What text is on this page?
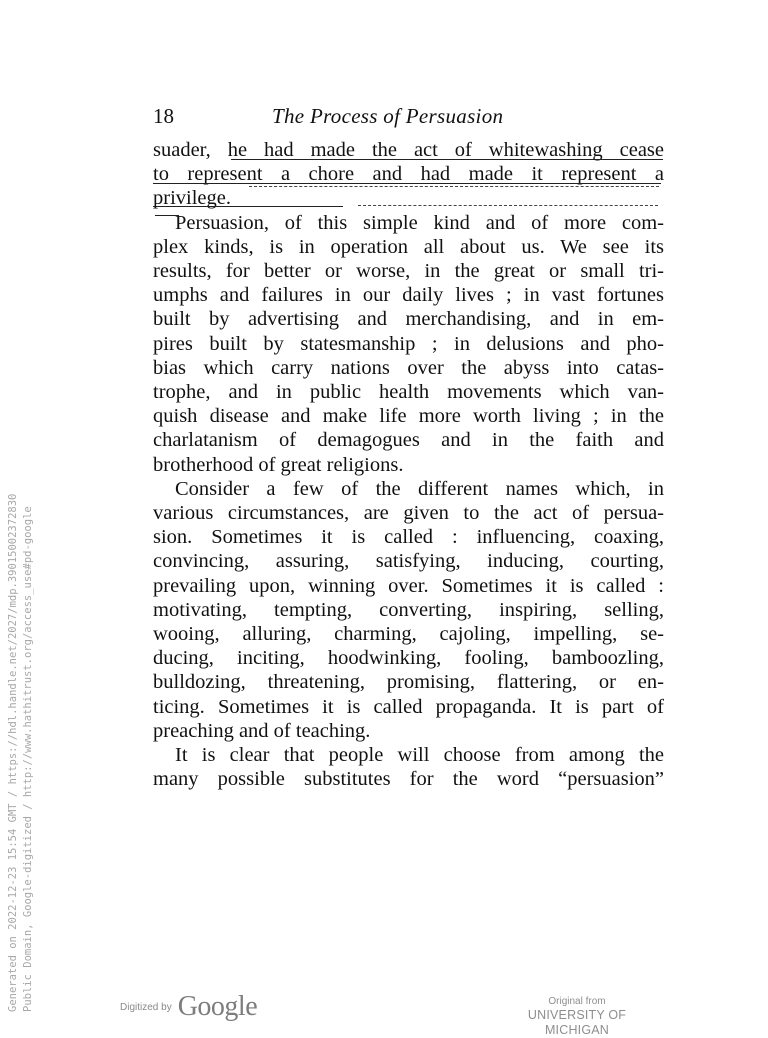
Generated on 2022-12-23 15:54 GMT / https://hdl.handle.net/2027/mdp.39015002372830 Public Domain, Google-digitized / http://www.hathitrust.org/access_use#pd-google
18	The Process of Persuasion
suader, he had made the act of whitewashing cease
to represent a chore and had made it represent a
privilege.
Persuasion, of this simple kind and of more com-
plex kinds, is in operation all about us. We see its
results, for better or worse, in the great or small tri-
umphs and failures in our daily lives ; in vast fortunes
built by advertising and merchandising, and in em-
pires built by statesmanship ; in delusions and pho-
bias which carry nations over the abyss into catas-
trophe, and in public health movements which van-
quish disease and make life more worth living ; in the
charlatanism of demagogues and in the faith and
brotherhood of great religions.
Consider a few of the different names which, in
various circumstances, are given to the act of persua-
sion. Sometimes it is called : influencing, coaxing,
convincing, assuring, satisfying, inducing, courting,
prevailing upon, winning over. Sometimes it is called :
motivating, tempting, converting, inspiring, selling,
wooing, alluring, charming, cajoling, impelling, se-
ducing, inciting, hoodwinking, fooling, bamboozling,
bulldozing, threatening, promising, flattering, or en-
ticing. Sometimes it is called propaganda. It is part of
preaching and of teaching.
It is clear that people will choose from among the
many possible substitutes for the word “persuasion”
Digitized by Google	Original from
UNIVERSITY OF MICHIGAN
